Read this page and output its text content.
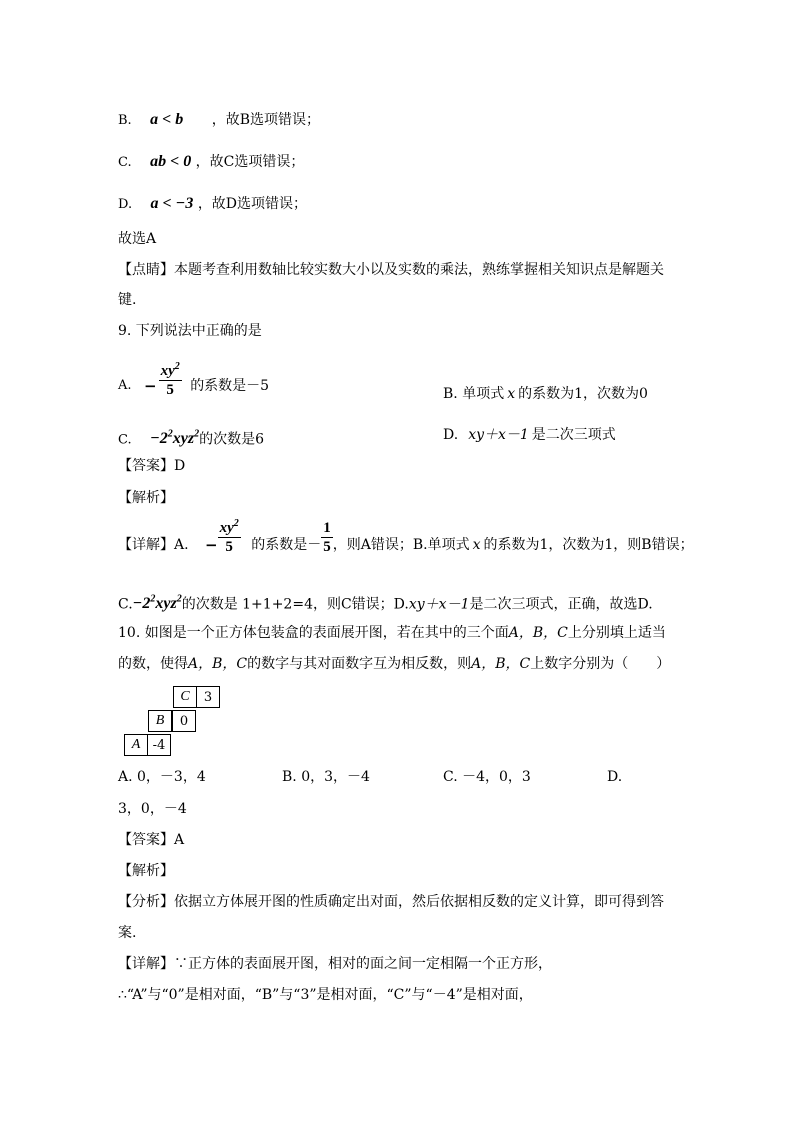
B. a < b ，故B选项错误；
C. ab < 0 ，故C选项错误；
D. a < −3 ，故D选项错误；
故选A
【点睛】本题考查利用数轴比较实数大小以及实数的乘法，熟练掌握相关知识点是解题关
键.
9. 下列说法中正确的是
A. − $\frac{xy^2}{5}$ 的系数是－5	B. 单项式 x 的系数为1，次数为0
C. $-2^2xyz^2$的次数是6	D. xy＋x－1 是二次三项式
【答案】D
【解析】
【详解】A. − $\frac{xy^2}{5}$ 的系数是－ $\frac{1}{5}$ ，则A错误；B.单项式 x 的系数为1，次数为1，则B错误；
$C.-2^2xyz^2$的次数是 1+1+2=4，则C错误；D.xy＋x－1是二次三项式，正确，故选D.
10. 如图是一个正方体包装盒的表面展开图，若在其中的三个面A，B，C上分别填上适当
的数，使得A，B，C的数字与其对面数字互为相反数，则A，B，C上数字分别为（　　）
C	3
B	0
A -4
A. 0，－3，4	B. 0，3，－4	C. －4，0，3	D.
3，0，－4
【答案】A
【解析】
【分析】依据立方体展开图的性质确定出对面，然后依据相反数的定义计算，即可得到答
案.
【详解】∵正方体的表面展开图，相对的面之间一定相隔一个正方形，
∴“A”与“0”是相对面，“B”与“3”是相对面，“C”与“－4”是相对面，
